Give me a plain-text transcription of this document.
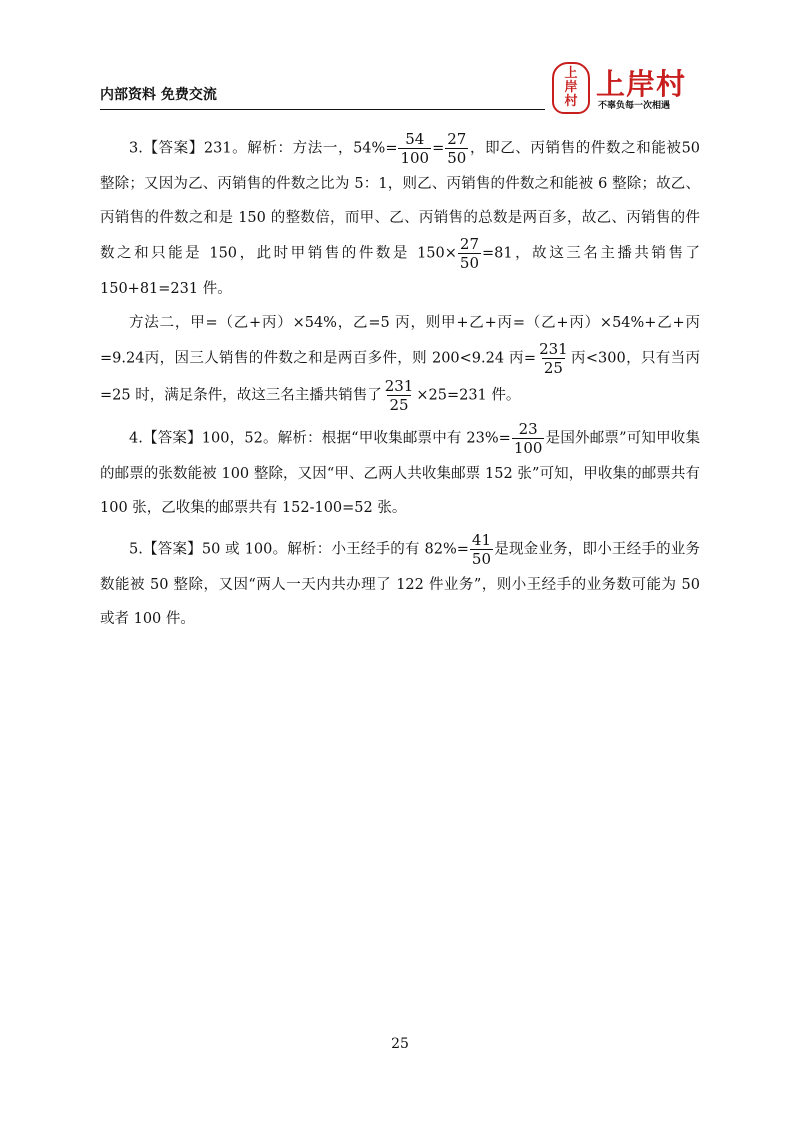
内部资料 免费交流
上
岸
村
上岸村
不辜负每一次相遇

3.【答案】231。解析：方法一，$54\%= \frac{54}{100} = \frac{27}{50}$ ，即乙、丙销售的件数之和能被50 整除；又因为乙、丙销售的件数之比为 5：1，则乙、丙销售的件数之和能被 6 整除；故乙、丙销售的件数之和是 150 的整数倍，而甲、乙、丙销售的总数是两百多，故乙、丙销售的件数之和只能是 150，此时甲销售的件数是 $150\times \frac{27}{50} =81$，故这三名主播共销售了 150+81=231 件。

方法二，甲=（乙+丙）×54%，乙=5 丙，则甲+乙+丙=（乙+丙）×54%+乙+丙=9.24丙，因三人销售的件数之和是两百多件，则 200<9.24 丙= $\frac{231}{25}$ 丙<300，只有当丙=25 时，满足条件，故这三名主播共销售了 $\frac{231}{25} \times 25=231$ 件。

4.【答案】100，52。解析：根据“甲收集邮票中有 $23\%= \frac{23}{100}$ 是国外邮票”可知甲收集的邮票的张数能被 100 整除，又因“甲、乙两人共收集邮票 152 张”可知，甲收集的邮票共有 100 张，乙收集的邮票共有 152-100=52 张。

5.【答案】50 或 100。解析：小王经手的有 $82\%= \frac{41}{50}$ 是现金业务，即小王经手的业务数能被 50 整除，又因“两人一天内共办理了 122 件业务”，则小王经手的业务数可能为 50 或者 100 件。

25
